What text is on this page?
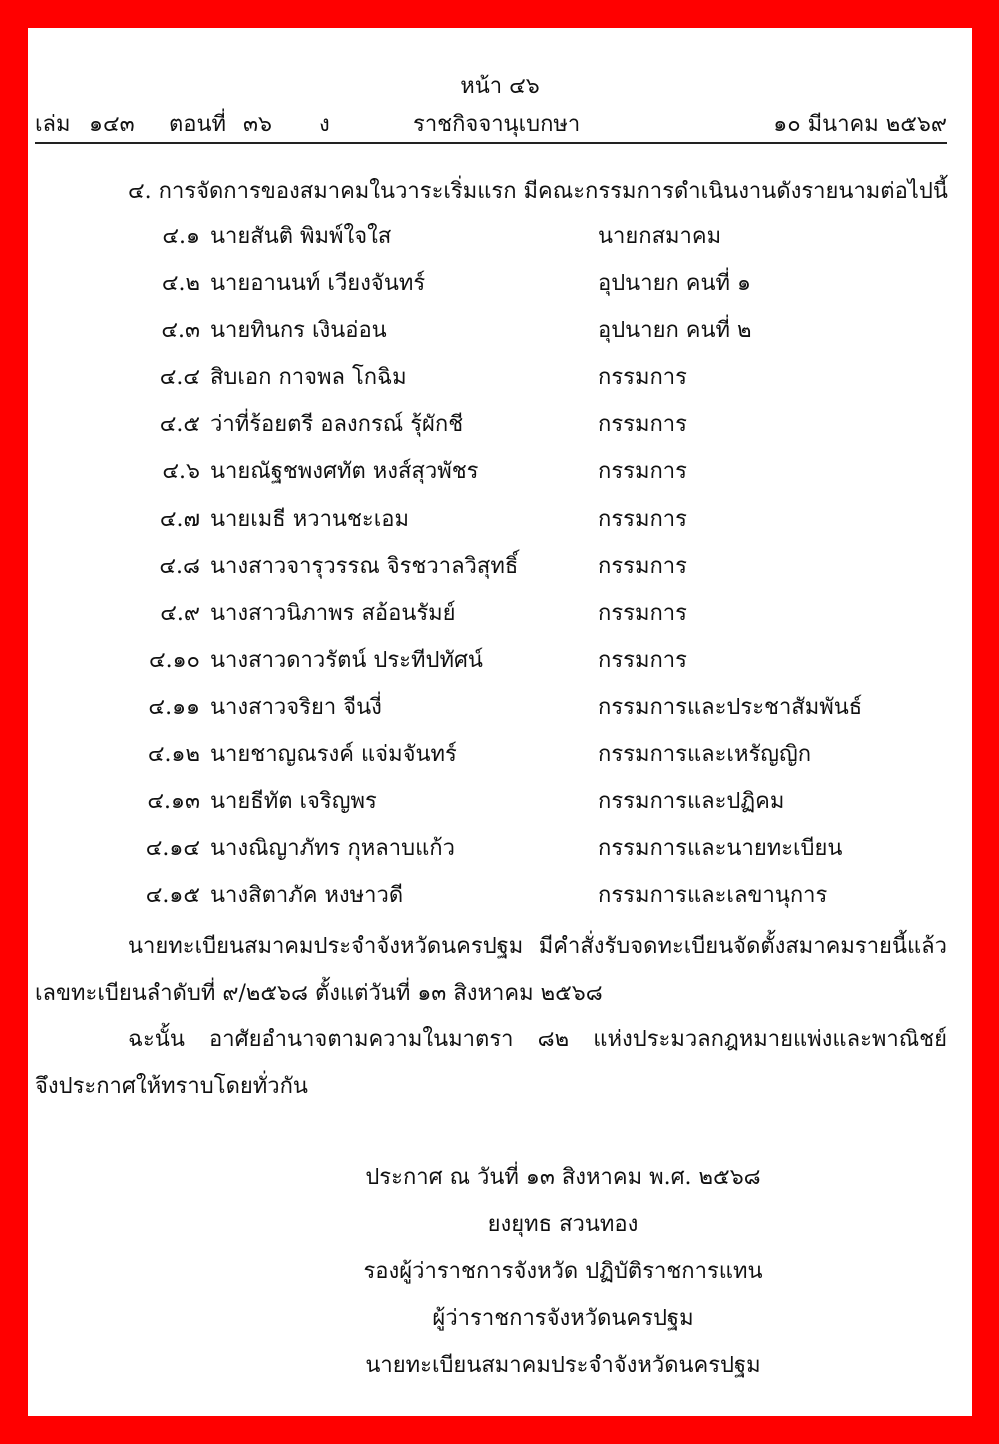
หน้า ๔๖
เล่ม ๑๔๓ ตอนที่ ๓๖ ง	ราชกิจจานุเบกษา	๑๐ มีนาคม ๒๕๖๙
๔. การจัดการของสมาคมในวาระเริ่มแรก มีคณะกรรมการดำเนินงานดังรายนามต่อไปนี้
๔.๑ นายสันติ พิมพ์ใจใส	นายกสมาคม
๔.๒ นายอานนท์ เวียงจันทร์	อุปนายก คนที่ ๑
๔.๓ นายทินกร เงินอ่อน	อุปนายก คนที่ ๒
๔.๔ สิบเอก กาจพล โกฉิม	กรรมการ
๔.๕ ว่าที่ร้อยตรี อลงกรณ์ รุ้ผักชี	กรรมการ
๔.๖ นายณัฐชพงศทัต หงส์สุวพัชร	กรรมการ
๔.๗ นายเมธี หวานชะเอม	กรรมการ
๔.๘ นางสาวจารุวรรณ จิรชวาลวิสุทธิ์	กรรมการ
๔.๙ นางสาวนิภาพร สอ้อนรัมย์	กรรมการ
๔.๑๐ นางสาวดาวรัตน์ ประทีปทัศน์	กรรมการ
๔.๑๑ นางสาวจริยา จีนงี่	กรรมการและประชาสัมพันธ์
๔.๑๒ นายชาญณรงค์ แจ่มจันทร์	กรรมการและเหรัญญิก
๔.๑๓ นายธีทัต เจริญพร	กรรมการและปฏิคม
๔.๑๔ นางณิญาภัทร กุหลาบแก้ว	กรรมการและนายทะเบียน
๔.๑๕ นางสิตาภัค หงษาวดี	กรรมการและเลขานุการ
นายทะเบียนสมาคมประจำจังหวัดนครปฐม มีคำสั่งรับจดทะเบียนจัดตั้งสมาคมรายนี้แล้ว
เลขทะเบียนลำดับที่ ๙/๒๕๖๘ ตั้งแต่วันที่ ๑๓ สิงหาคม ๒๕๖๘
ฉะนั้น อาศัยอำนาจตามความในมาตรา ๘๒ แห่งประมวลกฎหมายแพ่งและพาณิชย์
จึงประกาศให้ทราบโดยทั่วกัน
ประกาศ ณ วันที่ ๑๓ สิงหาคม พ.ศ. ๒๕๖๘
ยงยุทธ สวนทอง
รองผู้ว่าราชการจังหวัด ปฏิบัติราชการแทน
ผู้ว่าราชการจังหวัดนครปฐม
นายทะเบียนสมาคมประจำจังหวัดนครปฐม
